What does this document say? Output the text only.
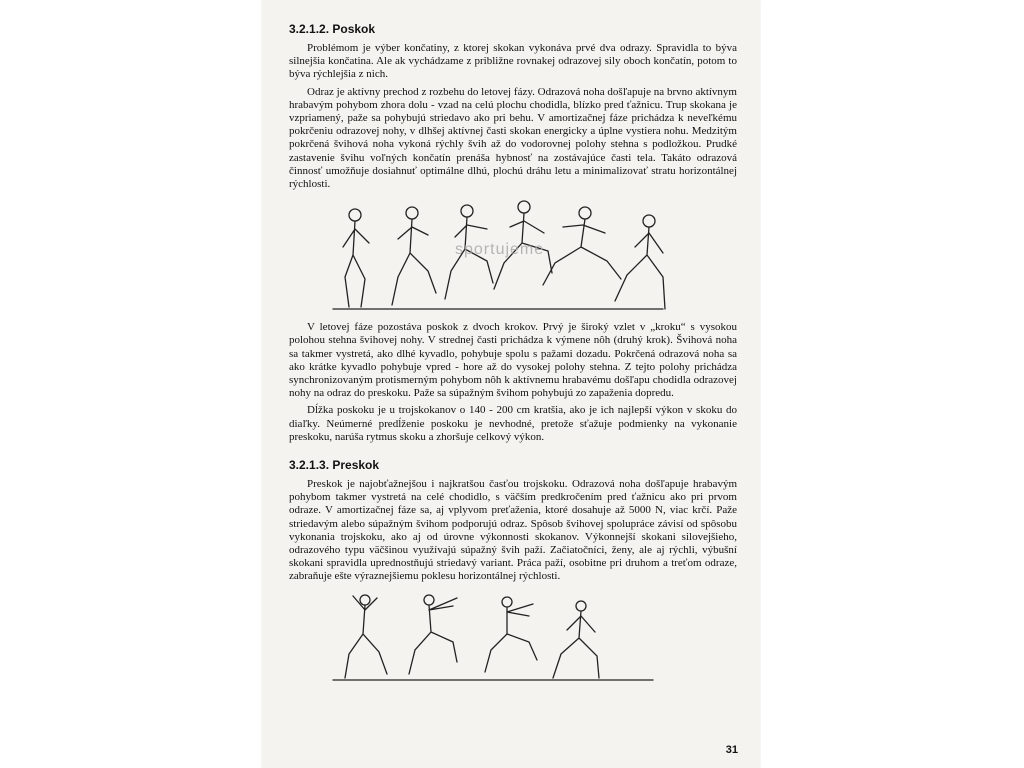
3.2.1.2. Poskok

Problémom je výber končatiny, z ktorej skokan vykonáva prvé dva odrazy. Spravidla to býva silnejšia končatina. Ale ak vychádzame z približne rovnakej odrazovej sily oboch končatín, potom to býva rýchlejšia z nich.

Odraz je aktívny prechod z rozbehu do letovej fázy. Odrazová noha došľapuje na brvno aktívnym hrabavým pohybom zhora dolu - vzad na celú plochu chodidla, blízko pred ťažnicu. Trup skokana je vzpriamený, paže sa pohybujú striedavo ako pri behu. V amortizačnej fáze prichádza k nevеľkému pokrčeniu odrazovej nohy, v dlhšej aktívnej časti skokan energicky a úplne vystiera nohu. Medzitým pokrčená švihová noha vykoná rýchly švih až do vodorovnej polohy stehna s podložkou. Prudké zastavenie švihu voľných končatín prenáša hybnosť na zostávajúce časti tela. Takáto odrazová činnosť umožňuje dosiahnuť optimálne dlhú, plochú dráhu letu a minimalizovať stratu horizontálnej rýchlosti.

sportujeme

V letovej fáze pozostáva poskok z dvoch krokov. Prvý je široký vzlet v „kroku“ s vysokou polohou stehna švihovej nohy. V strednej časti prichádza k výmene nôh (druhý krok). Švihová noha sa takmer vystretá, ako dlhé kyvadlo, pohybuje spolu s pažami dozadu. Pokrčená odrazová noha sa ako krátke kyvadlo pohybuje vpred - hore až do vysokej polohy stehna. Z tejto polohy prichádza synchronizovaným protismerným pohybom nôh k aktívnemu hrabavému došľapu chodidla odrazovej nohy na odraz do preskoku. Paže sa súpažným švihom pohybujú zo zapaženia dopredu.

Dĺžka poskoku je u trojskokanov o 140 - 200 cm kratšia, ako je ich najlepší výkon v skoku do diaľky. Neúmerné predĺženie poskoku je nevhodné, pretože sťažuje podmienky na vykonanie preskoku, narúša rytmus skoku a zhoršuje celkový výkon.

3.2.1.3. Preskok

Preskok je najobťažnejšou i najkratšou časťou trojskoku. Odrazová noha došľapuje hrabavým pohybom takmer vystretá na celé chodidlo, s väčším predkročením pred ťažnicu ako pri prvom odraze. V amortizačnej fáze sa, aj vplyvom preťaženia, ktoré dosahuje až 5000 N, viac krčí. Paže striedavým alebo súpažným švihom podporujú odraz. Spôsob švihovej spolupráce závisí od spôsobu vykonania trojskoku, ako aj od úrovne výkonnosti skokanov. Výkonnejší skokani silovejšieho, odrazového typu väčšinou využívajú súpažný švih paží. Začiatočníci, ženy, ale aj rýchli, výbušní skokani spravidla uprednostňujú striedavý variant. Práca paží, osobitne pri druhom a treťom odraze, zabraňuje ešte výraznejšiemu poklesu horizontálnej rýchlosti.

31
